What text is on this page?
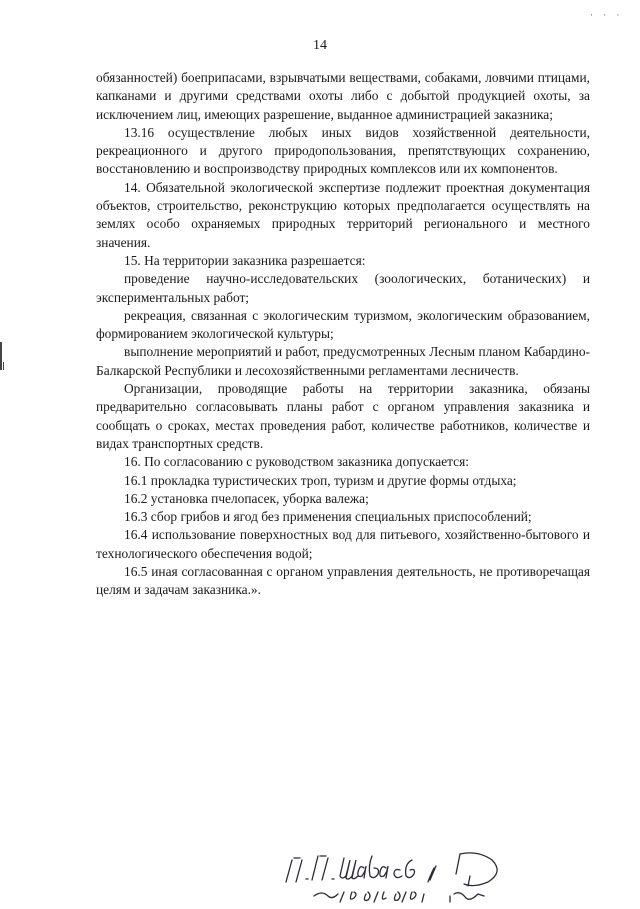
14
· · ·

обязанностей) боеприпасами, взрывчатыми веществами, собаками, ловчими птицами, капканами и другими средствами охоты либо с добытой продукцией охоты, за исключением лиц, имеющих разрешение, выданное администрацией заказника;

13.16 осуществление любых иных видов хозяйственной деятельности, рекреационного и другого природопользования, препятствующих сохранению, восстановлению и воспроизводству природных комплексов или их компонентов.

14. Обязательной экологической экспертизе подлежит проектная документация объектов, строительство, реконструкцию которых предполагается осуществлять на землях особо охраняемых природных территорий регионального и местного значения.

15. На территории заказника разрешается:

проведение научно-исследовательских (зоологических, ботанических) и экспериментальных работ;

рекреация, связанная с экологическим туризмом, экологическим образованием, формированием экологической культуры;

выполнение мероприятий и работ, предусмотренных Лесным планом Кабардино-Балкарской Республики и лесохозяйственными регламентами лесничеств.

Организации, проводящие работы на территории заказника, обязаны предварительно согласовывать планы работ с органом управления заказника и сообщать о сроках, местах проведения работ, количестве работников, количестве и видах транспортных средств.

16. По согласованию с руководством заказника допускается:

16.1 прокладка туристических троп, туризм и другие формы отдыха;

16.2 установка пчелопасек, уборка валежа;

16.3 сбор грибов и ягод без применения специальных приспособлений;

16.4 использование поверхностных вод для питьевого, хозяйственно-бытового и технологического обеспечения водой;

16.5 иная согласованная с органом управления деятельность, не противоречащая целям и задачам заказника.».
